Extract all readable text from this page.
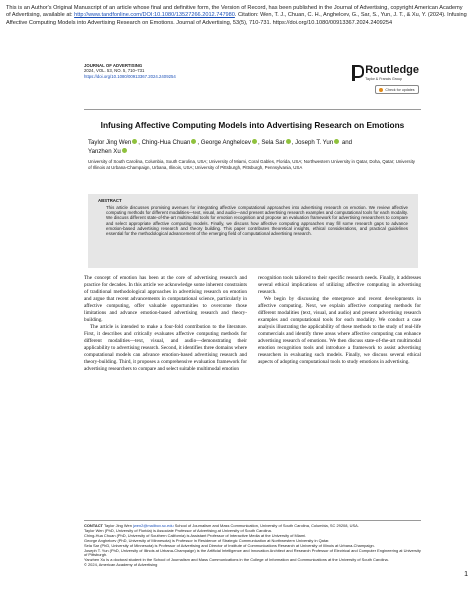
This is an Author's Original Manuscript of an article whose final and definitive form, the Version of Record, has been published in the Journal of Advertising, copyright American Academy of Advertising, available at: http://www.tandfonline.com/DOI:10.1080/13527266.2012.747980. Citation: Wen, T. J., Chuan, C. H., Anghelcev, G., Sar, S., Yun, J. T., & Xu, Y. (2024). Infusing Affective Computing Models into Advertising Research on Emotions. Journal of Advertising, 53(5), 710-731. https://doi.org/10.1080/00913367.2024.2409254
JOURNAL OF ADVERTISING
2024, VOL. 53, NO. 5, 710–731
https://doi.org/10.1080/00913367.2024.2409254
Routledge
Taylor & Francis Group
Check for updates
Infusing Affective Computing Models into Advertising Research on Emotions
Taylor Jing Wen , Ching-Hua Chuan , George Anghelcev , Sela Sar , Joseph T. Yun and
Yanzhen Xu
University of South Carolina, Columbia, South Carolina, USA; University of Miami, Coral Gables, Florida, USA; Northwestern University in Qatar, Doha, Qatar; University of Illinois at Urbana-Champaign, Urbana, Illinois, USA; University of Pittsburgh, Pittsburgh, Pennsylvania, USA
ABSTRACT
This article discusses promising avenues for integrating affective computational approaches into advertising research on emotion. We review affective computing methods for different modalities—text, visual, and audio—and present advertising research examples and computational tools for each modality. We discuss different state-of-the-art multimodal tools for emotion recognition and propose an evaluation framework for advertising researchers to compare and select appropriate affective computing models. Finally, we discuss how affective computing approaches may fill some research gaps to advance emotion-based advertising research and theory building. This paper contributes theoretical insights, ethical considerations, and practical guidelines essential for the methodological advancement of the emerging field of computational advertising research.

The concept of emotion has been at the core of advertising research and practice for decades. In this article we acknowledge some inherent constraints of traditional methodological approaches in advertising research on emotion and argue that recent advancements in computational science, particularly in affective computing, offer valuable opportunities to overcome those limitations and advance emotion-based advertising research and theory-building.

The article is intended to make a four-fold contribution to the literature. First, it describes and critically evaluates affective computing methods for different modalities—text, visual, and audio—demonstrating their applicability to advertising research. Second, it identifies three domains where computational models can advance emotion-based advertising research and theory-building. Third, it proposes a comprehensive evaluation framework for advertising researchers to compare and select suitable multimodal emotion

recognition tools tailored to their specific research needs. Finally, it addresses several ethical implications of utilizing affective computing in advertising research.

We begin by discussing the emergence and recent developments in affective computing. Next, we explain affective computing methods for different modalities (text, visual, and audio) and present advertising research examples and computational tools for each modality. We conduct a case analysis illustrating the applicability of these methods to the study of real-life commercials and identify three areas where affective computing can enhance advertising research of emotions. We then discuss state-of-the-art multimodal emotion recognition tools and introduce a framework to assist advertising researchers in evaluating such models. Finally, we discuss several ethical aspects of adopting computational tools to study emotions in advertising.

CONTACT Taylor Jing Wen jwen2@mailbox.sc.edu School of Journalism and Mass Communication, University of South Carolina, Columbia, SC 29208, USA.
Taylor Wen (PhD, University of Florida) is Associate Professor of Advertising at University of South Carolina.
Ching-Hua Chuan (PhD, University of Southern California) is Assistant Professor of Interactive Media at the University of Miami.
George Anghelcev (PhD, University of Minnesota) is Professor in Residence of Strategic Communication at Northwestern University in Qatar.
Sela Sar (PhD, University of Minnesota) is Professor of Advertising and Director of Institute of Communications Research at University of Illinois at Urbana-Champaign.
Joseph T. Yun (PhD, University of Illinois at Urbana-Champaign) is the Artificial Intelligence and Innovation Architect and Research Professor of Electrical and Computer Engineering at University of Pittsburgh.
Yanzhen Xu is a doctoral student in the School of Journalism and Mass Communications in the College of Information and Communications at the University of South Carolina.
© 2024, American Academy of Advertising
1
